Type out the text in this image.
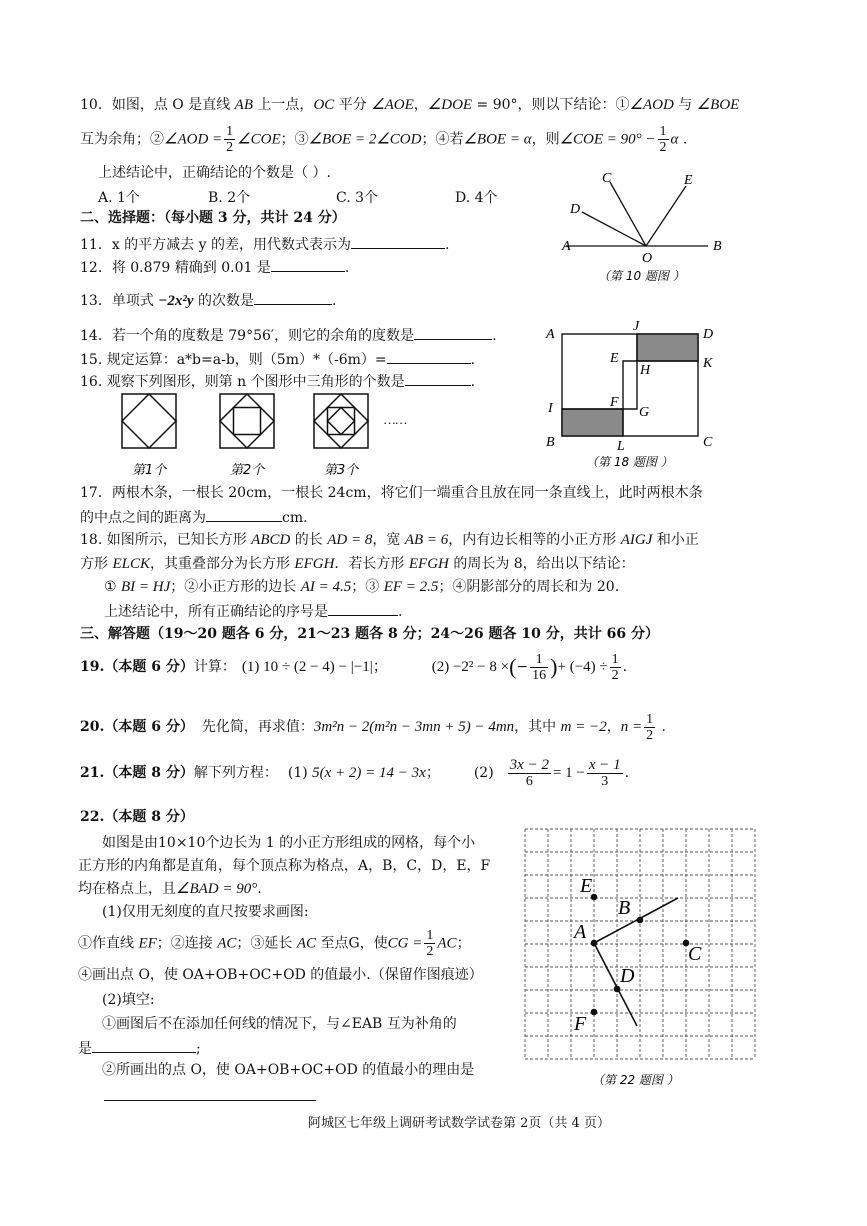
10．如图，点 O 是直线 AB 上一点，OC 平分 ∠AOE，∠DOE = 90°，则以下结论：①∠AOD 与 ∠BOE
互为余角；②∠AOD = $\frac{1}{2}$ ∠COE；③∠BOE = 2∠COD；④若∠BOE = α，则∠COE = $90^\circ - \frac{1}{2}$ α .
上述结论中，正确结论的个数是（ ）.
A. 1个	B. 2个	C. 3个	D. 4个
C	E
D
A
O
B
（第 10 题图 ）
二、选择题：（每小题 3 分，共计 24 分）
11．x 的平方减去 y 的差，用代数式表示为	.
12．将 0.879 精确到 0.01 是	.
13．单项式 −2x²y 的次数是	.
14．若一个角的度数是 79°56′，则它的余角的度数是	.
15. 规定运算：a*b=a-b，则（5m）*（-6m）=	.
16. 观察下列图形，则第 n 个图形中三角形的个数是	.
……
第1个	第2个	第3个
A
J
D
E	K
H
I	F
G
B	L	C
（第 18 题图 ）
17．两根木条，一根长 20cm，一根长 24cm，将它们一端重合且放在同一条直线上，此时两根木条
的中点之间的距离为	cm.
18. 如图所示，已知长方形 ABCD 的长 AD = 8，宽 AB = 6，内有边长相等的小正方形 AIGJ 和小正
方形 ELCK，其重叠部分为长方形 EFGH．若长方形 EFGH 的周长为 8，给出以下结论：
① BI = HJ；②小正方形的边长 AI = 4.5；③ EF = 2.5；④阴影部分的周长和为 20.
上述结论中，所有正确结论的序号是	.
三、解答题（19～20 题各 6 分，21～23 题各 8 分；24～26 题各 10 分，共计 66 分）
19.（本题 6 分）计算： (1) 10 ÷ (2 − 4) − |−1|；	(2) −2² − 8 ×(− $\frac{1}{16}$ )+ $(-4) \div \frac{1}{2}$ .
20.（本题 6 分） 先化简，再求值：3m²n − 2(m²n − 3mn + 5) − 4mn，其中 m = −2，$n = \frac{1}{2}$ .
21.（本题 8 分）解下列方程： (1) 5(x + 2) = 14 − 3x； $(2) \frac{3x - 2}{6} = 1 - \frac{x - 1}{3}$ .
22.（本题 8 分）
如图是由10×10个边长为 1 的小正方形组成的网格，每个小
正方形的内角都是直角，每个顶点称为格点，A，B，C，D，E，F
均在格点上，且∠BAD = 90°.
(1)仅用无刻度的直尺按要求画图:
①作直线 EF；②连接 AC；③延长 AC 至点G，使CG = $\frac{1}{2}$ AC；
④画出点 O，使 OA+OB+OC+OD 的值最小.（保留作图痕迹）
(2)填空:
①画图后不在添加任何线的情况下，与∠EAB 互为补角的
是	;
②所画出的点 O，使 OA+OB+OC+OD 的值最小的理由是
E
B
A
C
D
F
（第 22 题图 ）
阿城区七年级上调研考试数学试卷第 2页（共 4 页）
